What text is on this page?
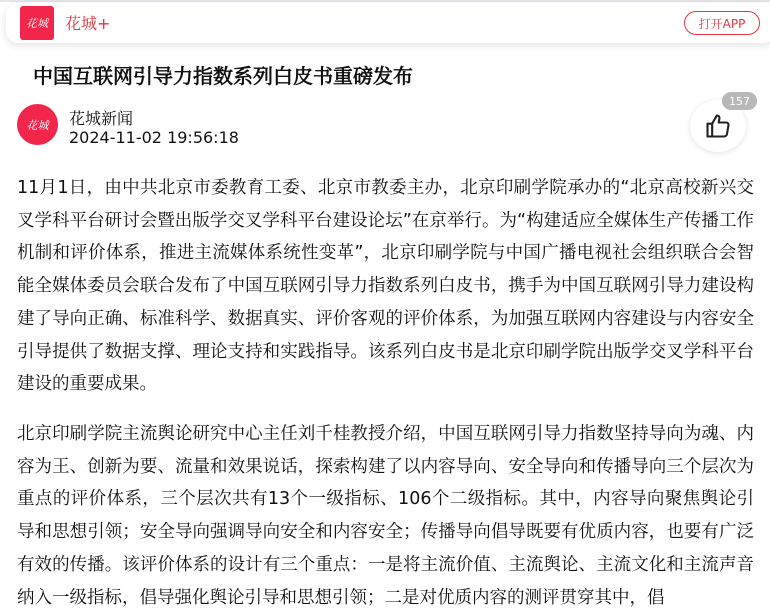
花城 花城+	打开APP
中国互联网引导力指数系列白皮书重磅发布
花城 花城新闻
2024-11-02 19:56:18

11月1日，由中共北京市委教育工委、北京市教委主办，北京印刷学院承办的“北京高校新兴交叉学科平台研讨会暨出版学交叉学科平台建设论坛”在京举行。为“构建适应全媒体生产传播工作机制和评价体系，推进主流媒体系统性变革”，北京印刷学院与中国广播电视社会组织联合会智能全媒体委员会联合发布了中国互联网引导力指数系列白皮书，携手为中国互联网引导力建设构建了导向正确、标准科学、数据真实、评价客观的评价体系，为加强互联网内容建设与内容安全引导提供了数据支撑、理论支持和实践指导。该系列白皮书是北京印刷学院出版学交叉学科平台建设的重要成果。

北京印刷学院主流舆论研究中心主任刘千桂教授介绍，中国互联网引导力指数坚持导向为魂、内容为王、创新为要、流量和效果说话，探索构建了以内容导向、安全导向和传播导向三个层次为重点的评价体系，三个层次共有13个一级指标、106个二级指标。其中，内容导向聚焦舆论引导和思想引领；安全导向强调导向安全和内容安全；传播导向倡导既要有优质内容，也要有广泛有效的传播。该评价体系的设计有三个重点：一是将主流价值、主流舆论、主流文化和主流声音纳入一级指标，倡导强化舆论引导和思想引领；二是对优质内容的测评贯穿其中，倡

157
